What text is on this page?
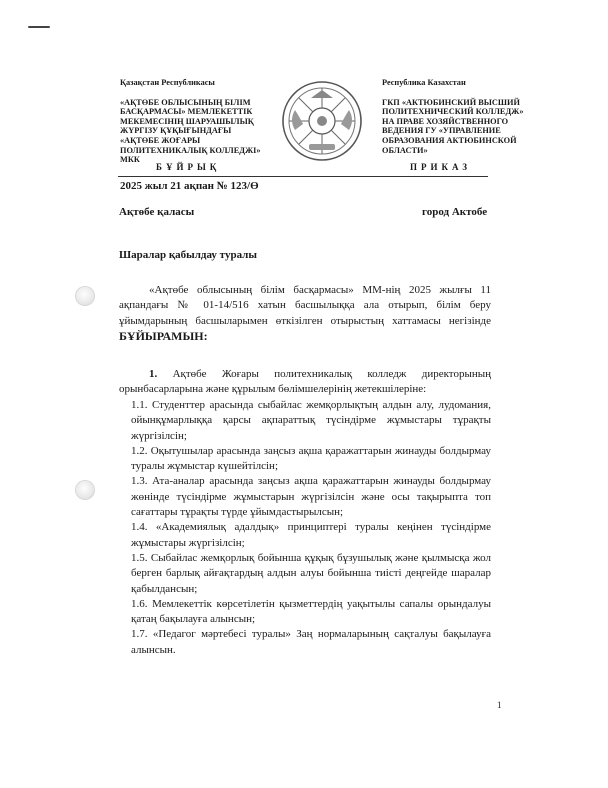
Қазақстан Республикасы
«АҚТӨБЕ ОБЛЫСЫНЫҢ БІЛІМ
БАСҚАРМАСЫ» МЕМЛЕКЕТТІК
МЕКЕМЕСІНІҢ ШАРУАШЫЛЫҚ
ЖҮРГІЗУ ҚҰҚЫҒЫНДАҒЫ
«АҚТӨБЕ ЖОҒАРЫ
ПОЛИТЕХНИКАЛЫҚ КОЛЛЕДЖІ»
МКК
Республика Казахстан
ГКП «АКТЮБИНСКИЙ ВЫСШИЙ
ПОЛИТЕХНИЧЕСКИЙ КОЛЛЕДЖ»
НА ПРАВЕ ХОЗЯЙСТВЕННОГО
ВЕДЕНИЯ ГУ «УПРАВЛЕНИЕ
ОБРАЗОВАНИЯ АКТЮБИНСКОЙ
ОБЛАСТИ»
БҰЙРЫҚ	ПРИКАЗ
2025 жыл 21 ақпан № 123/Ө
Ақтөбе қаласы	город Актобе
Шаралар қабылдау туралы
«Ақтөбе облысының білім басқармасы» ММ-нің 2025 жылғы 11 ақпандағы № 01-14/516 хатын басшылыққа ала отырып, білім беру ұйымдарының басшыларымен өткізілген отырыстың хаттамасы негізінде БҰЙЫРАМЫН:
1. Ақтөбе Жоғары политехникалық колледж директорының орынбасарларына және құрылым бөлімшелерінің жетекшілеріне:
1.1. Студенттер арасында сыбайлас жемқорлықтың алдын алу, лудомания, ойынқұмарлыққа қарсы ақпараттық түсіндірме жұмыстары тұрақты жүргізілсін;
1.2. Оқытушылар арасында заңсыз ақша қаражаттарын жинауды болдырмау туралы жұмыстар күшейтілсін;
1.3. Ата-аналар арасында заңсыз ақша қаражаттарын жинауды болдырмау жөнінде түсіндірме жұмыстарын жүргізілсін және осы тақырыпта топ сағаттары тұрақты түрде ұйымдастырылсын;
1.4. «Академиялық адалдық» принциптері туралы кеңінен түсіндірме жұмыстары жүргізілсін;
1.5. Сыбайлас жемқорлық бойынша құқық бұзушылық және қылмысқа жол берген барлық айғақтардың алдын алуы бойынша тиісті деңгейде шаралар қабылдансын;
1.6. Мемлекеттік көрсетілетін қызметтердің уақытылы сапалы орындалуы қатаң бақылауға алынсын;
1.7. «Педагог мәртебесі туралы» Заң нормаларының сақталуы бақылауға алынсын.
1
